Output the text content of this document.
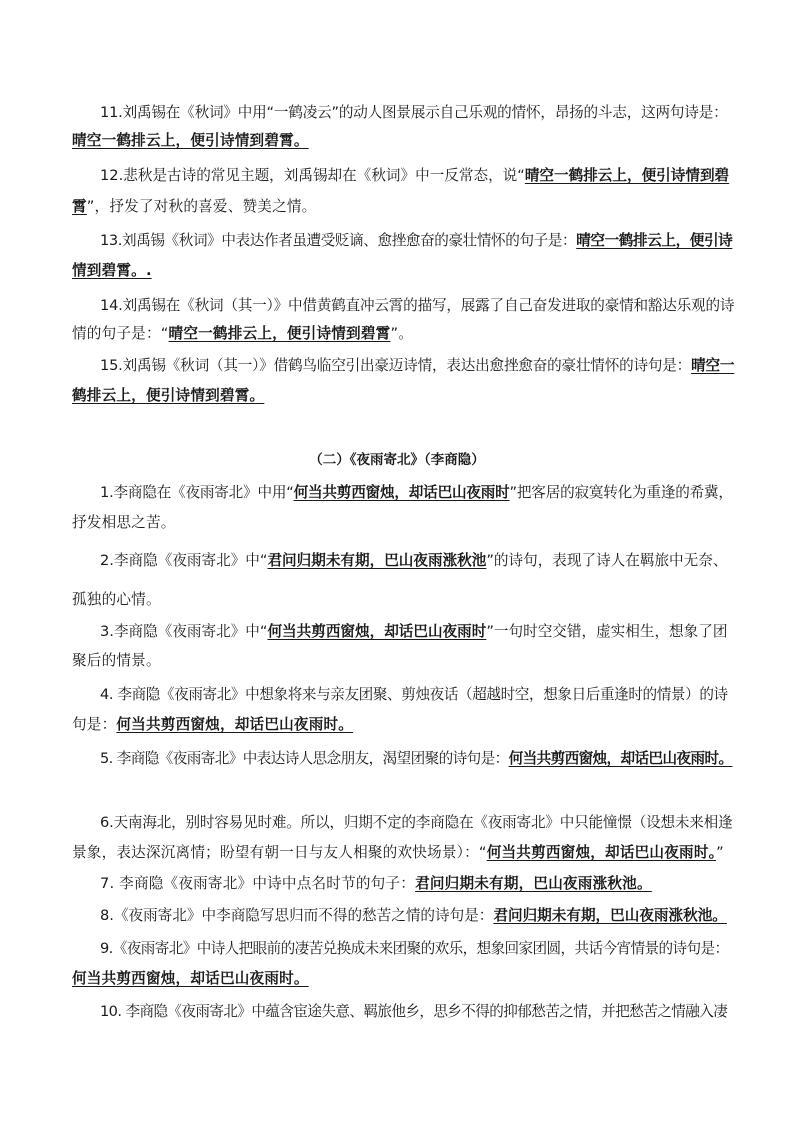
11.刘禹锡在《秋词》中用“一鹤凌云”的动人图景展示自己乐观的情怀，昂扬的斗志，这两句诗是：
晴空一鹤排云上，便引诗情到碧霄。
12.悲秋是古诗的常见主题，刘禹锡却在《秋词》中一反常态，说“晴空一鹤排云上，便引诗情到碧
霄”，抒发了对秋的喜爱、赞美之情。
13.刘禹锡《秋词》中表达作者虽遭受贬谪、愈挫愈奋的豪壮情怀的句子是：晴空一鹤排云上，便引诗
情到碧霄。.
14.刘禹锡在《秋词（其一）》中借黄鹤直冲云霄的描写，展露了自己奋发进取的豪情和豁达乐观的诗
情的句子是：“晴空一鹤排云上，便引诗情到碧霄”。
15.刘禹锡《秋词（其一）》借鹤鸟临空引出豪迈诗情，表达出愈挫愈奋的豪壮情怀的诗句是：晴空一
鹤排云上，便引诗情到碧霄。
（二）《夜雨寄北》（李商隐）
1.李商隐在《夜雨寄北》中用“何当共剪西窗烛，却话巴山夜雨时”把客居的寂寞转化为重逢的希冀，
抒发相思之苦。
2.李商隐《夜雨寄北》中“君问归期未有期，巴山夜雨涨秋池”的诗句，表现了诗人在羁旅中无奈、
孤独的心情。
3.李商隐《夜雨寄北》中“何当共剪西窗烛，却话巴山夜雨时”一句时空交错，虚实相生，想象了团
聚后的情景。
4. 李商隐《夜雨寄北》中想象将来与亲友团聚、剪烛夜话（超越时空，想象日后重逢时的情景）的诗
句是：何当共剪西窗烛，却话巴山夜雨时。
5. 李商隐《夜雨寄北》中表达诗人思念朋友，渴望团聚的诗句是：何当共剪西窗烛，却话巴山夜雨时。
6.天南海北，别时容易见时难。所以，归期不定的李商隐在《夜雨寄北》中只能憧憬（设想未来相逢
景象，表达深沉离情；盼望有朝一日与友人相聚的欢快场景）：“何当共剪西窗烛，却话巴山夜雨时。”
7. 李商隐《夜雨寄北》中诗中点名时节的句子：君问归期未有期，巴山夜雨涨秋池。
8.《夜雨寄北》中李商隐写思归而不得的愁苦之情的诗句是：君问归期未有期，巴山夜雨涨秋池。
9.《夜雨寄北》中诗人把眼前的凄苦兑换成未来团聚的欢乐，想象回家团圆，共话今宵情景的诗句是：
何当共剪西窗烛，却话巴山夜雨时。
10. 李商隐《夜雨寄北》中蕴含宦途失意、羁旅他乡，思乡不得的抑郁愁苦之情，并把愁苦之情融入凄
